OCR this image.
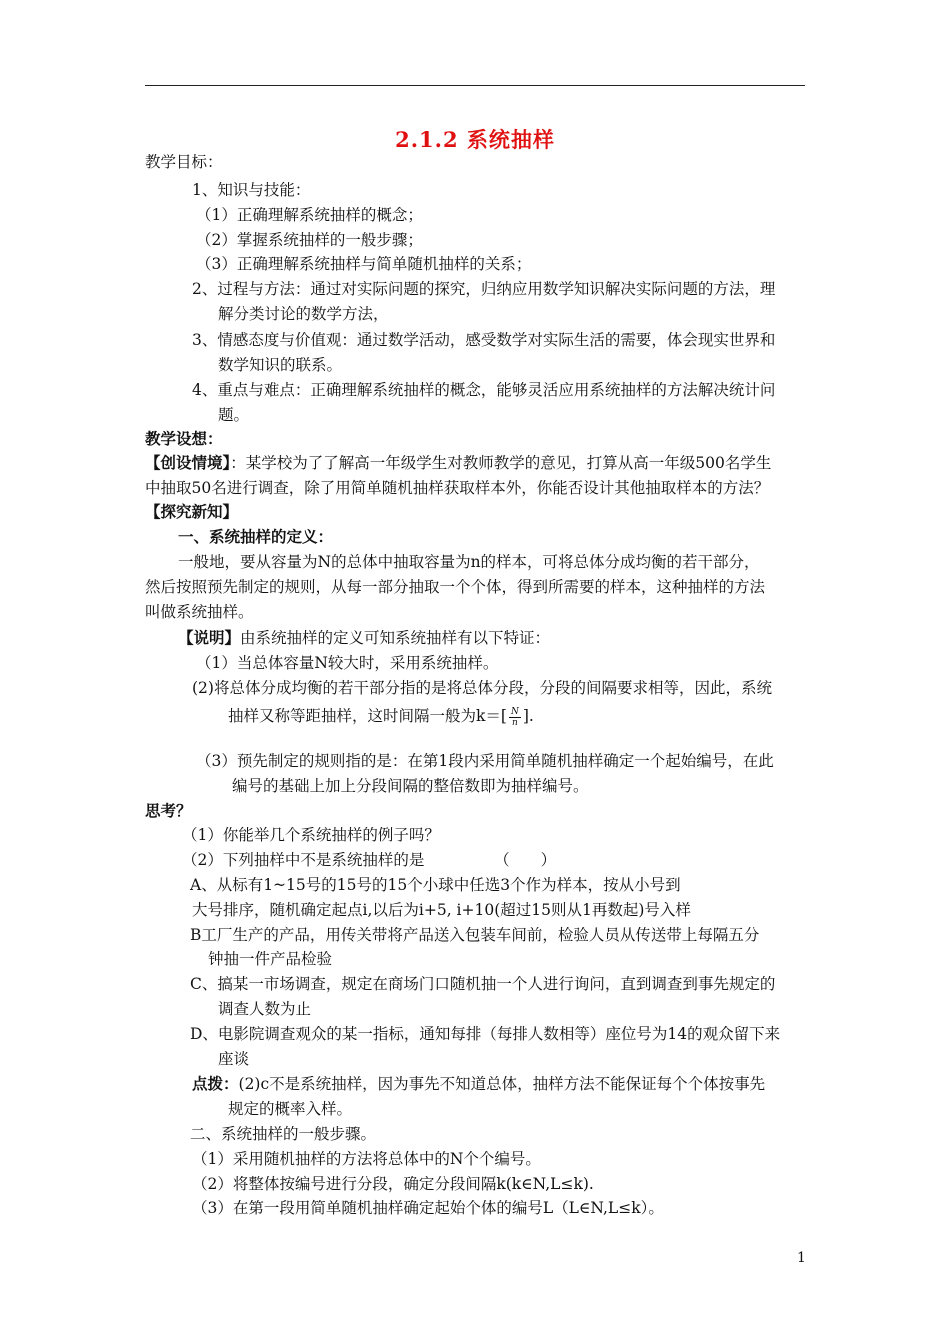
2.1.2 系统抽样
教学目标：
1、知识与技能：
（1）正确理解系统抽样的概念；
（2）掌握系统抽样的一般步骤；
（3）正确理解系统抽样与简单随机抽样的关系；
2、过程与方法：通过对实际问题的探究，归纳应用数学知识解决实际问题的方法，理
解分类讨论的数学方法，
3、情感态度与价值观：通过数学活动，感受数学对实际生活的需要，体会现实世界和
数学知识的联系。
4、重点与难点：正确理解系统抽样的概念，能够灵活应用系统抽样的方法解决统计问
题。
教学设想：
【创设情境】：某学校为了了解高一年级学生对教师教学的意见，打算从高一年级500名学生
中抽取50名进行调查，除了用简单随机抽样获取样本外，你能否设计其他抽取样本的方法？
【探究新知】
一、系统抽样的定义：
一般地，要从容量为N的总体中抽取容量为n的样本，可将总体分成均衡的若干部分，
然后按照预先制定的规则，从每一部分抽取一个个体，得到所需要的样本，这种抽样的方法
叫做系统抽样。
【说明】由系统抽样的定义可知系统抽样有以下特证：
（1）当总体容量N较大时，采用系统抽样。
(2)将总体分成均衡的若干部分指的是将总体分段，分段的间隔要求相等，因此，系统
抽样又称等距抽样，这时间隔一般为$k=[ \frac{N}{n}$ ].
（3）预先制定的规则指的是：在第1段内采用简单随机抽样确定一个起始编号，在此
编号的基础上加上分段间隔的整倍数即为抽样编号。
思考？
（1）你能举几个系统抽样的例子吗？
（2）下列抽样中不是系统抽样的是　　　　　（　　）
A、从标有1~15号的15号的15个小球中任选3个作为样本，按从小号到
大号排序，随机确定起点i,以后为i+5, i+10(超过15则从1再数起)号入样
B工厂生产的产品，用传关带将产品送入包装车间前，检验人员从传送带上每隔五分
钟抽一件产品检验
C、搞某一市场调查，规定在商场门口随机抽一个人进行询问，直到调查到事先规定的
调查人数为止
D、电影院调查观众的某一指标，通知每排（每排人数相等）座位号为14的观众留下来
座谈
点拨：(2)c不是系统抽样，因为事先不知道总体，抽样方法不能保证每个个体按事先
规定的概率入样。
二、系统抽样的一般步骤。
（1）采用随机抽样的方法将总体中的N个个编号。
（2）将整体按编号进行分段，确定分段间隔k(k∈N,L≤k).
（3）在第一段用简单随机抽样确定起始个体的编号L（L∈N,L≤k）。
1
